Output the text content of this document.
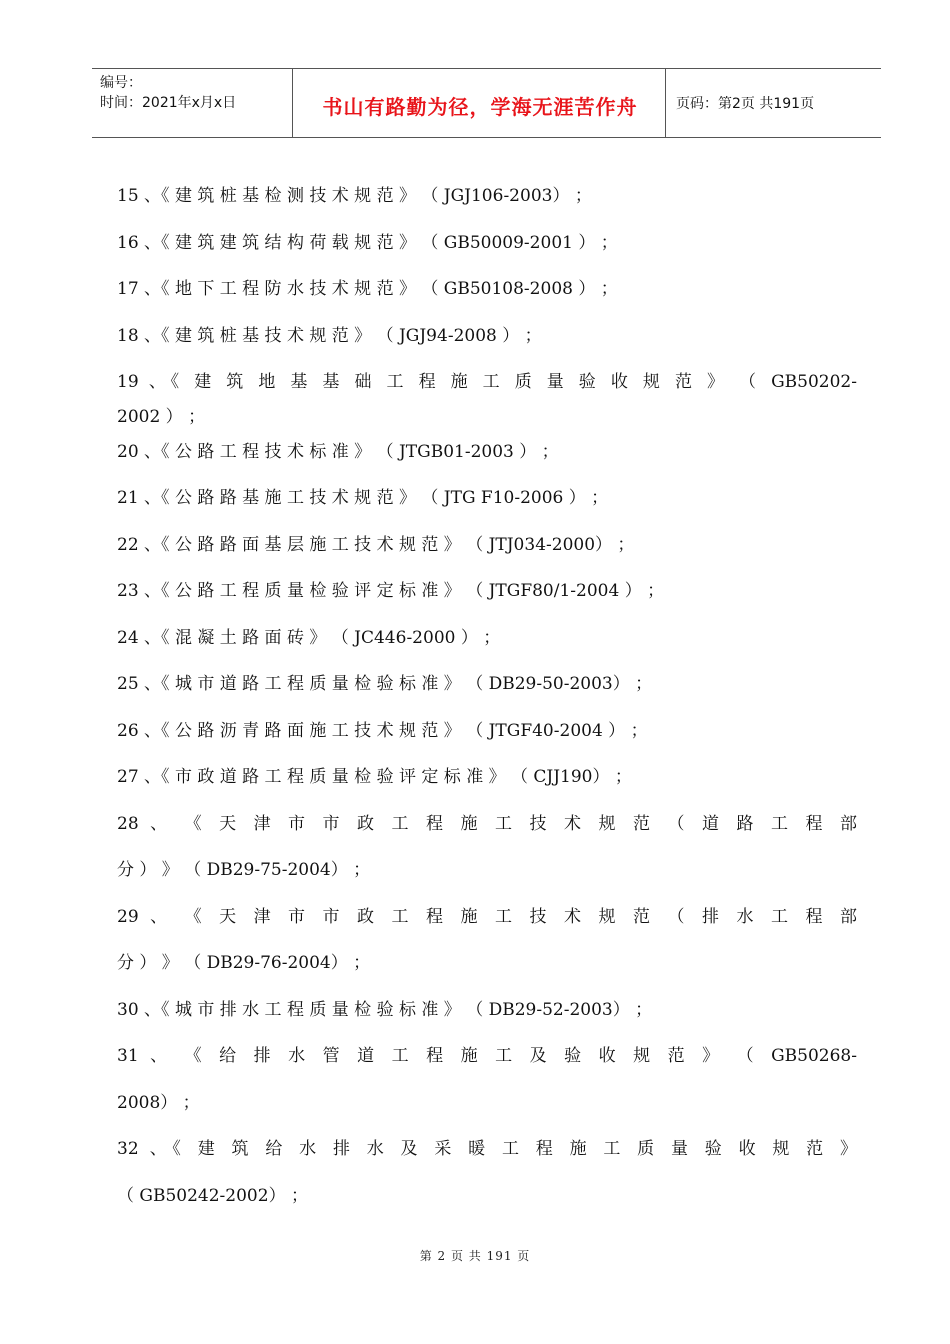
编号：
时间：2021年x月x日	书山有路勤为径，学海无涯苦作舟	页码：第2页 共191页
15 、《 建 筑 桩 基 检 测 技 术 规 范 》 （ JGJ106-2003） ；
16 、《 建 筑 建 筑 结 构 荷 载 规 范 》 （ GB50009-2001 ） ；
17 、《 地 下 工 程 防 水 技 术 规 范 》 （ GB50108-2008 ） ；
18 、《 建 筑 桩 基 技 术 规 范 》 （ JGJ94-2008 ） ；
19 、《 建 筑 地 基 基 础 工 程 施 工 质 量 验 收 规 范 》 （ GB50202-
2002 ） ；
20 、《 公 路 工 程 技 术 标 准 》 （ JTGB01-2003 ） ；
21 、《 公 路 路 基 施 工 技 术 规 范 》 （ JTG F10-2006 ） ；
22 、《 公 路 路 面 基 层 施 工 技 术 规 范 》 （ JTJ034-2000） ；
23 、《 公 路 工 程 质 量 检 验 评 定 标 准 》 （ JTGF80/1-2004 ） ；
24 、《 混 凝 土 路 面 砖 》 （ JC446-2000 ） ；
25 、《 城 市 道 路 工 程 质 量 检 验 标 准 》 （ DB29-50-2003） ；
26 、《 公 路 沥 青 路 面 施 工 技 术 规 范 》 （ JTGF40-2004 ） ；
27 、《 市 政 道 路 工 程 质 量 检 验 评 定 标 准 》 （ CJJ190） ；
28 、 《 天 津 市 市 政 工 程 施 工 技 术 规 范 （ 道 路 工 程 部
分 ） 》 （ DB29-75-2004） ；
29 、 《 天 津 市 市 政 工 程 施 工 技 术 规 范 （ 排 水 工 程 部
分 ） 》 （ DB29-76-2004） ；
30 、《 城 市 排 水 工 程 质 量 检 验 标 准 》 （ DB29-52-2003） ；
31 、 《 给 排 水 管 道 工 程 施 工 及 验 收 规 范 》 （ GB50268-
2008） ；
32 、《 建 筑 给 水 排 水 及 采 暖 工 程 施 工 质 量 验 收 规 范 》
（ GB50242-2002） ；
第 2 页 共 191 页
